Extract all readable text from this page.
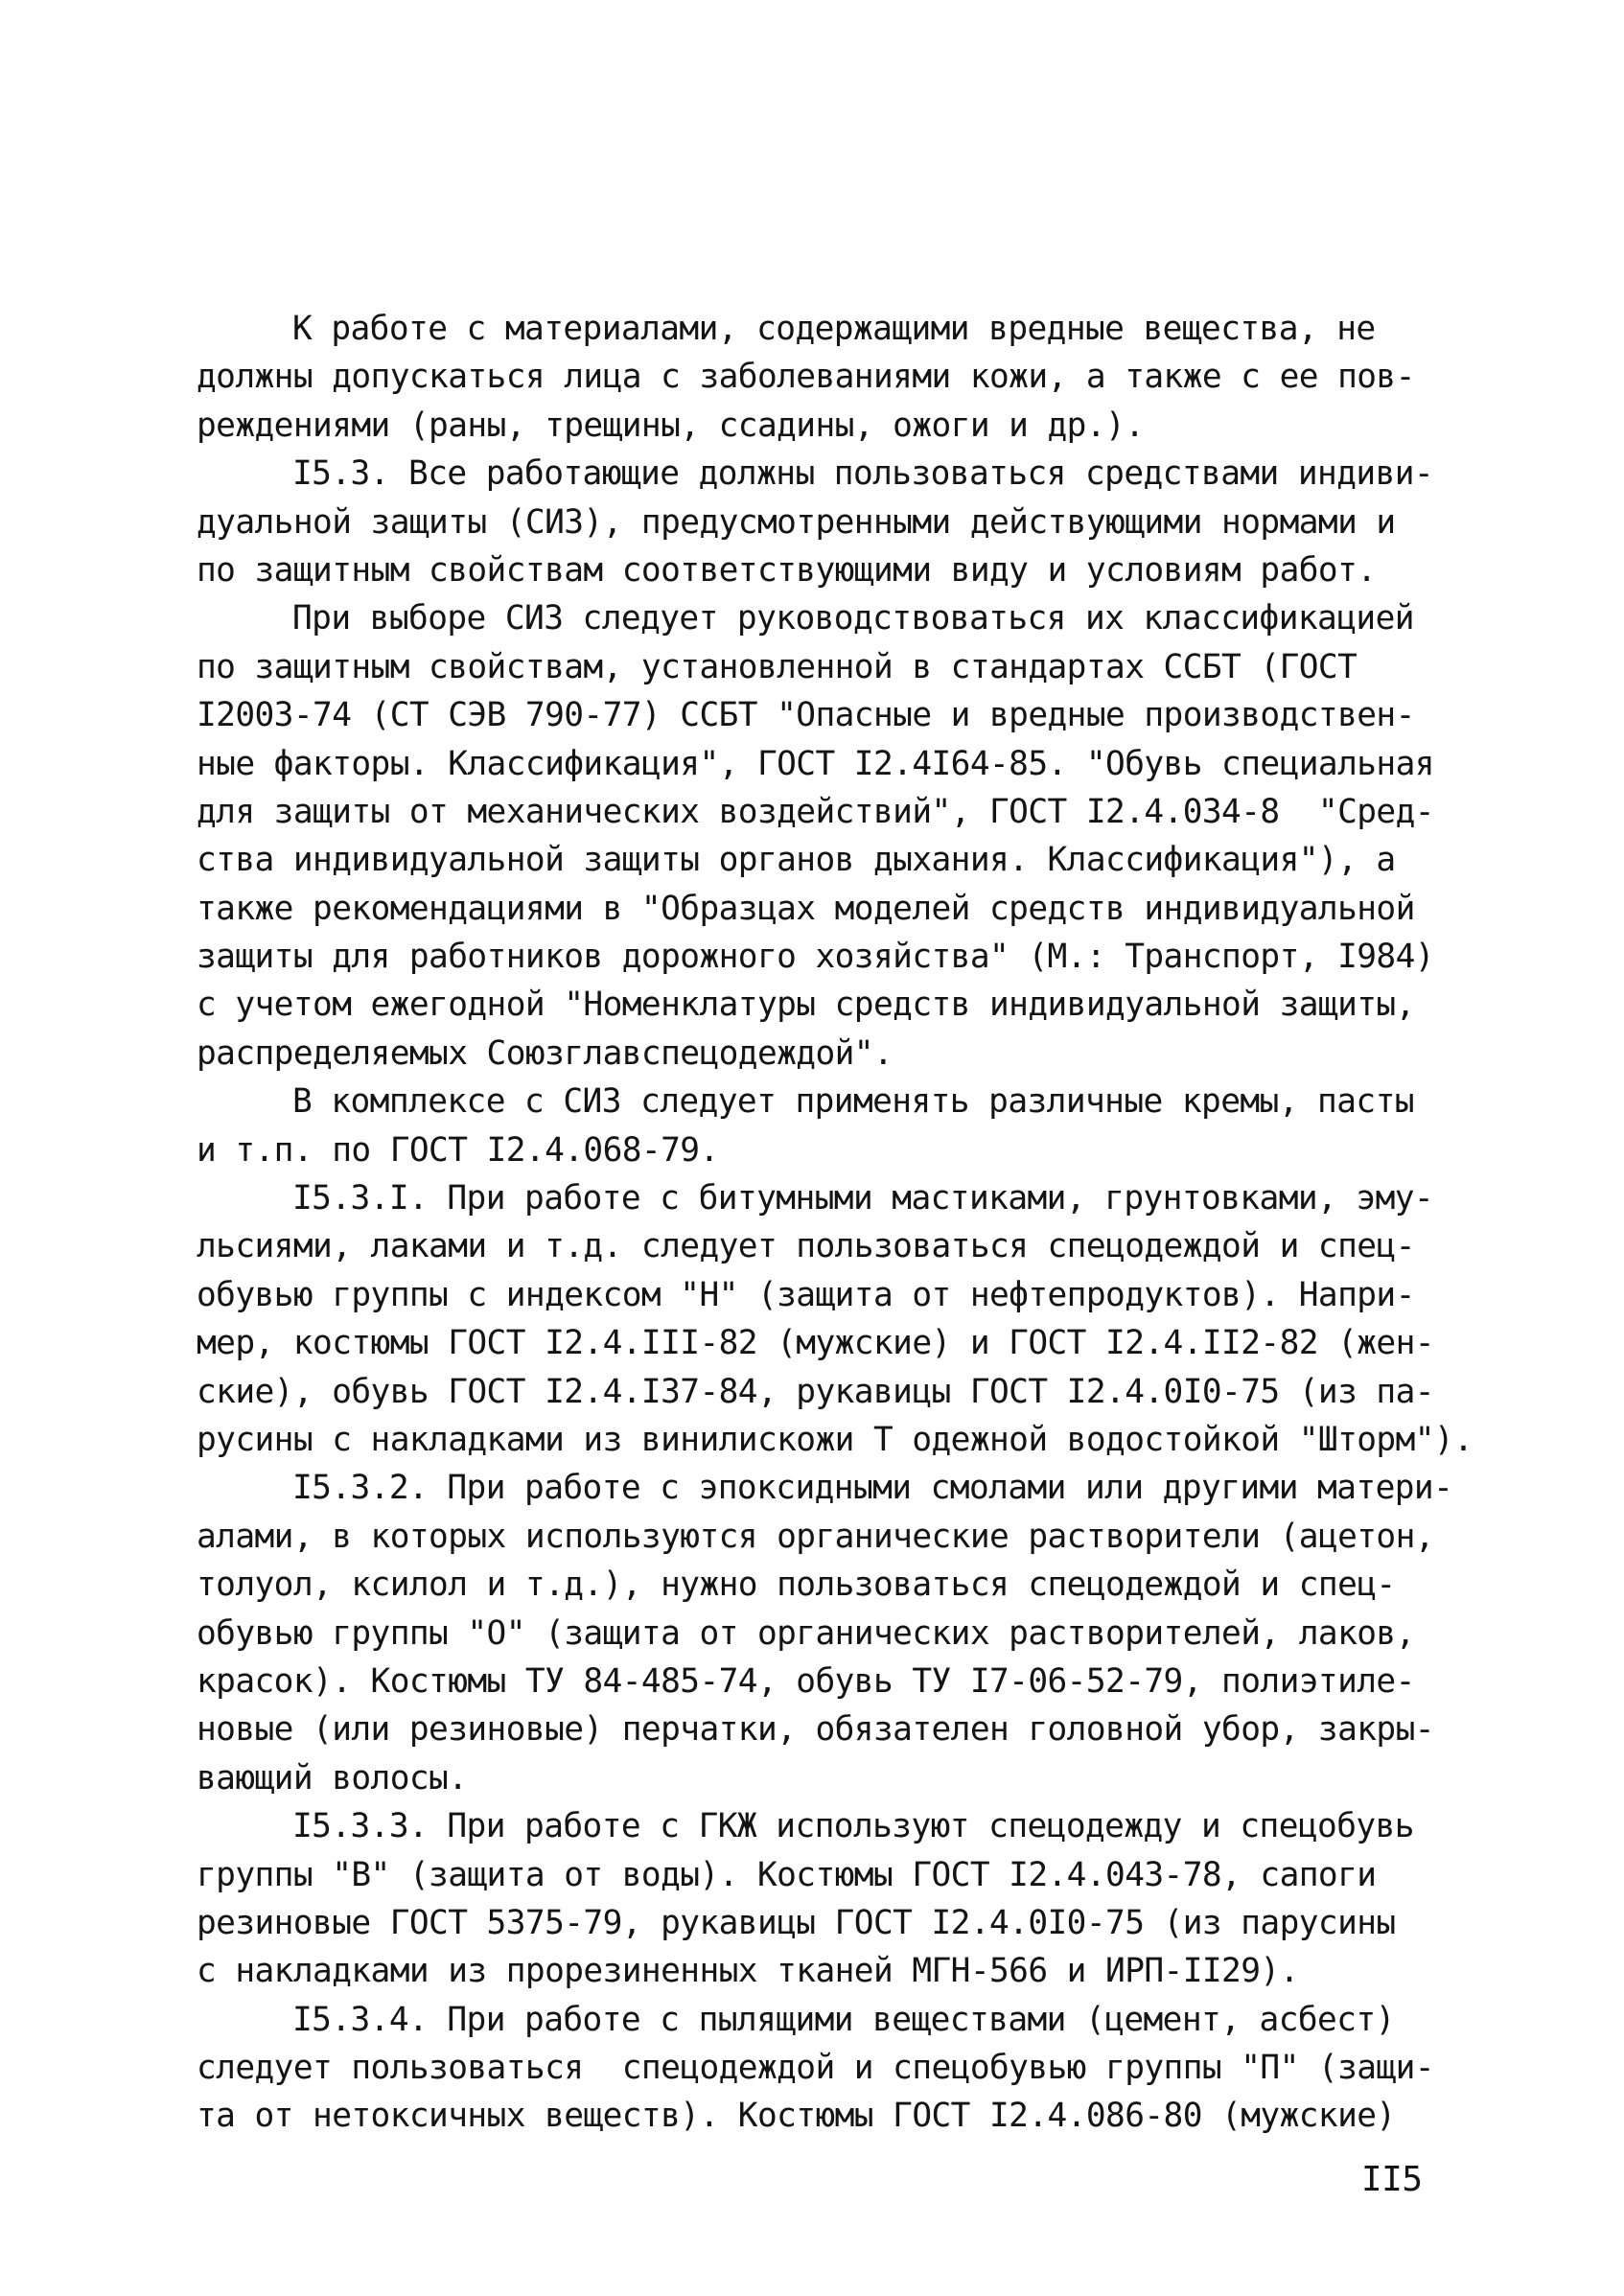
К работе с материалами, содержащими вредные вещества, не
должны допускаться лица с заболеваниями кожи, а также с ее пов-
реждениями (раны, трещины, ссадины, ожоги и др.).
I5.3. Все работающие должны пользоваться средствами индиви-
дуальной защиты (СИЗ), предусмотренными действующими нормами и
по защитным свойствам соответствующими виду и условиям работ.
При выборе СИЗ следует руководствоваться их классификацией
по защитным свойствам, установленной в стандартах ССБТ (ГОСТ
I2003-74 (СТ СЭВ 790-77) ССБТ "Опасные и вредные производствен-
ные факторы. Классификация", ГОСТ I2.4I64-85. "Обувь специальная
для защиты от механических воздействий", ГОСТ I2.4.034-8  "Сред-
ства индивидуальной защиты органов дыхания. Классификация"), а
также рекомендациями в "Образцах моделей средств индивидуальной
защиты для работников дорожного хозяйства" (М.: Транспорт, I984)
с учетом ежегодной "Номенклатуры средств индивидуальной защиты,
распределяемых Союзглавспецодеждой".
В комплексе с СИЗ следует применять различные кремы, пасты
и т.п. по ГОСТ I2.4.068-79.
I5.3.I. При работе с битумными мастиками, грунтовками, эму-
льсиями, лаками и т.д. следует пользоваться спецодеждой и спец-
обувью группы с индексом "Н" (защита от нефтепродуктов). Напри-
мер, костюмы ГОСТ I2.4.III-82 (мужские) и ГОСТ I2.4.II2-82 (жен-
ские), обувь ГОСТ I2.4.I37-84, рукавицы ГОСТ I2.4.0I0-75 (из па-
русины с накладками из винилискожи Т одежной водостойкой "Шторм").
I5.3.2. При работе с эпоксидными смолами или другими матери-
алами, в которых используются органические растворители (ацетон,
толуол, ксилол и т.д.), нужно пользоваться спецодеждой и спец-
обувью группы "О" (защита от органических растворителей, лаков,
красок). Костюмы ТУ 84-485-74, обувь ТУ I7-06-52-79, полиэтиле-
новые (или резиновые) перчатки, обязателен головной убор, закры-
вающий волосы.
I5.3.3. При работе с ГКЖ используют спецодежду и спецобувь
группы "В" (защита от воды). Костюмы ГОСТ I2.4.043-78, сапоги
резиновые ГОСТ 5375-79, рукавицы ГОСТ I2.4.0I0-75 (из парусины
с накладками из прорезиненных тканей МГН-566 и ИРП-II29).
I5.3.4. При работе с пылящими веществами (цемент, асбест)
следует пользоваться  спецодеждой и спецобувью группы "П" (защи-
та от нетоксичных веществ). Костюмы ГОСТ I2.4.086-80 (мужские)
II5
